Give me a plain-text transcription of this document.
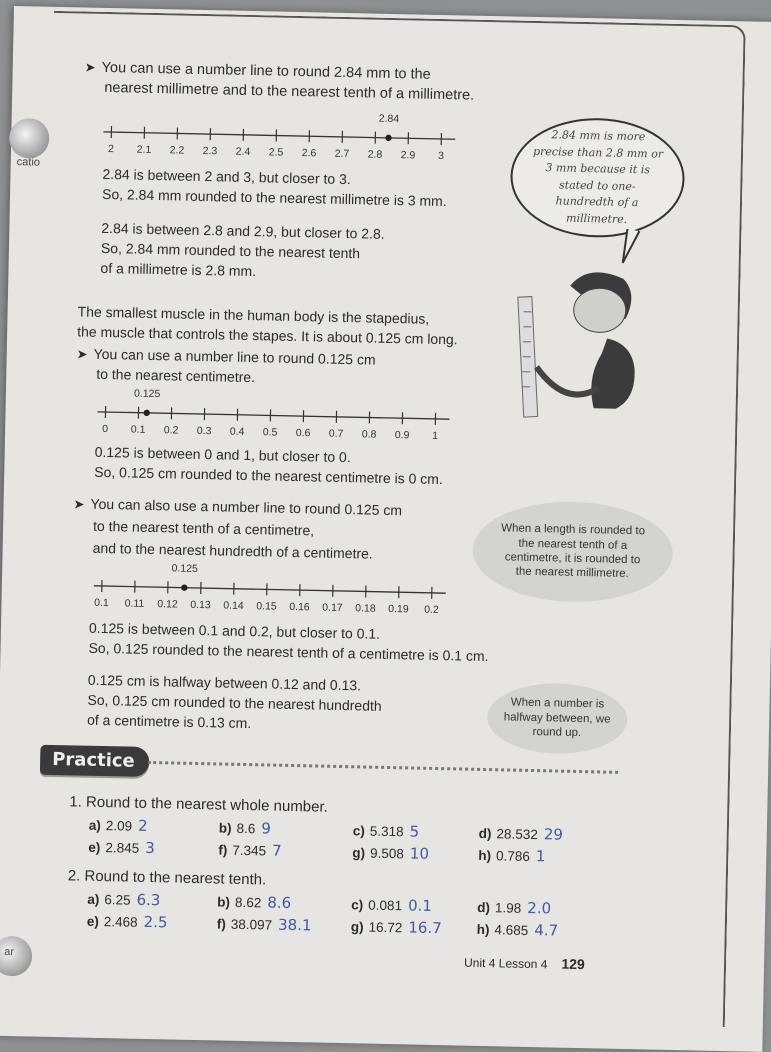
catio
ar
➤ You can use a number line to round 2.84 mm to the
nearest millimetre and to the nearest tenth of a millimetre.
2 2.1 2.2 2.3 2.4 2.5 2.6 2.7 2.8 2.9 3
2.84
2.84 is between 2 and 3, but closer to 3.
So, 2.84 mm rounded to the nearest millimetre is 3 mm.
2.84 is between 2.8 and 2.9, but closer to 2.8.
So, 2.84 mm rounded to the nearest tenth
of a millimetre is 2.8 mm.
2.84 mm is more precise than 2.8 mm or 3 mm because it is stated to one-hundredth of a millimetre.
The smallest muscle in the human body is the stapedius,
the muscle that controls the stapes. It is about 0.125 cm long.
➤ You can use a number line to round 0.125 cm
to the nearest centimetre.
0 0.1 0.2 0.3 0.4 0.5 0.6 0.7 0.8 0.9 1
0.125
0.125 is between 0 and 1, but closer to 0.
So, 0.125 cm rounded to the nearest centimetre is 0 cm.
➤ You can also use a number line to round 0.125 cm
to the nearest tenth of a centimetre,
and to the nearest hundredth of a centimetre.
When a length is rounded to the nearest tenth of a centimetre, it is rounded to the nearest millimetre.
0.1 0.11 0.12 0.13 0.14 0.15 0.16 0.17 0.18 0.19 0.2
0.125
0.125 is between 0.1 and 0.2, but closer to 0.1.
So, 0.125 rounded to the nearest tenth of a centimetre is 0.1 cm.
0.125 cm is halfway between 0.12 and 0.13.
So, 0.125 cm rounded to the nearest hundredth
of a centimetre is 0.13 cm.
When a number is halfway between, we round up.
Practice
1. Round to the nearest whole number.
a) 2.09 2	b) 8.6 9	c) 5.318 5	d) 28.532 29
e) 2.845 3	f) 7.345 7	g) 9.508 10	h) 0.786 1
2. Round to the nearest tenth.
a) 6.25 6.3	b) 8.62 8.6	c) 0.081 0.1	d) 1.98 2.0
e) 2.468 2.5	f) 38.097 38.1	g) 16.72 16.7	h) 4.685 4.7
Unit 4 Lesson 4 129
